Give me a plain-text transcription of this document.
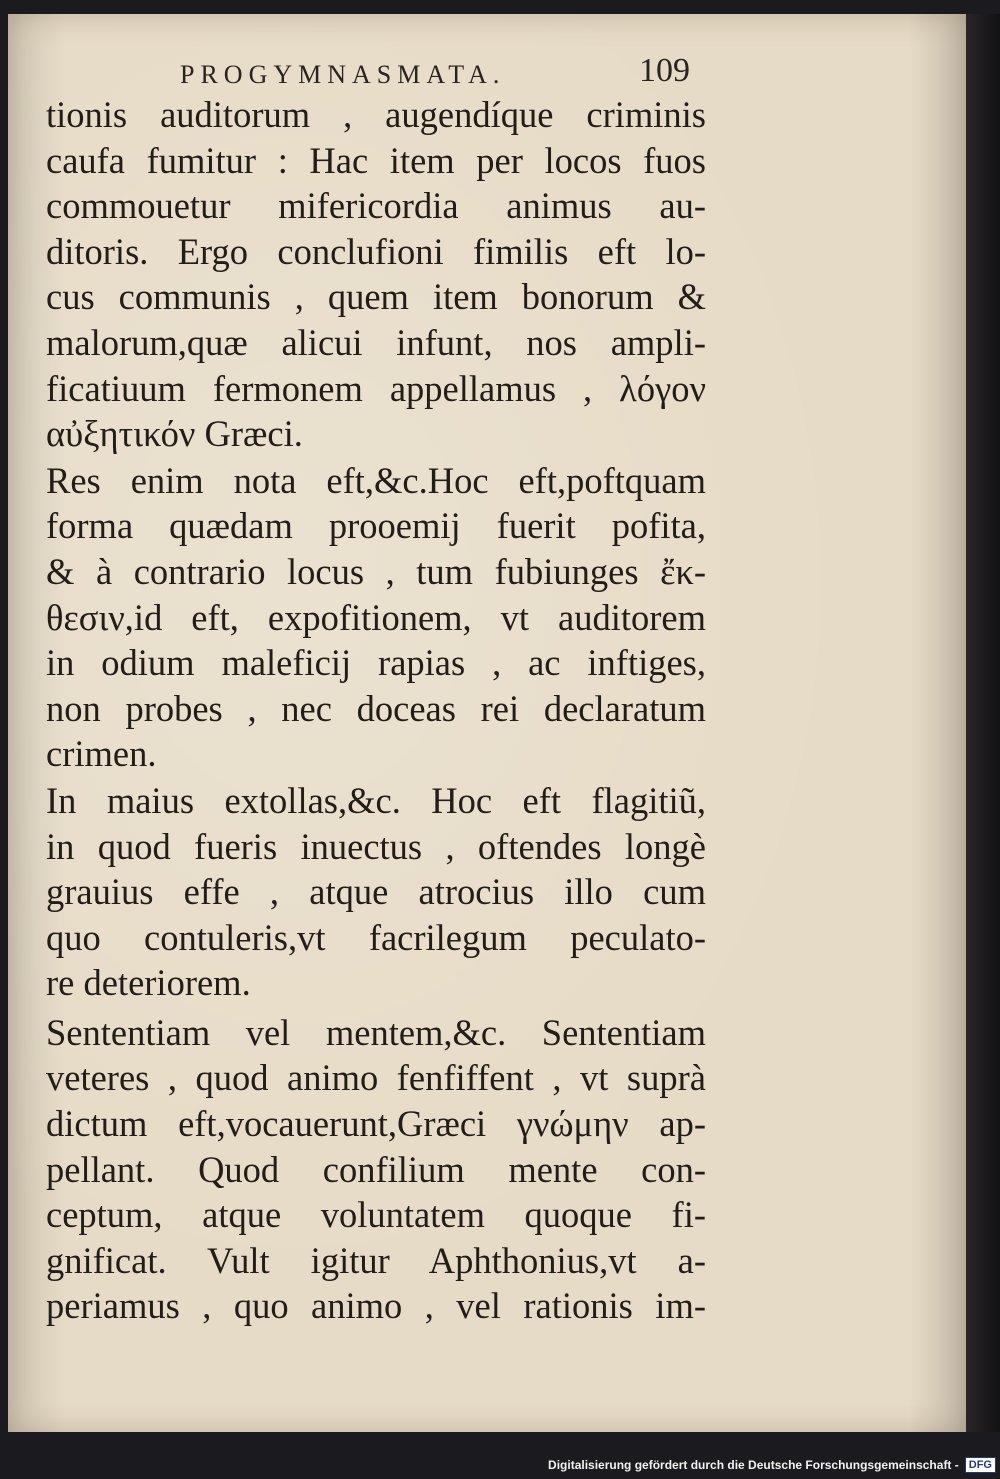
PROGYMNASMATA.	109
tionis auditorum , augendíque criminis
caufa fumitur : Hac item per locos fuos
commouetur mifericordia animus au-
ditoris. Ergo conclufioni fimilis eft lo-
cus communis , quem item bonorum &
malorum,quæ alicui infunt, nos ampli-
ficatiuum fermonem appellamus , λόγον
αὐξητικόν Græci.
Res enim nota eft,&c.Hoc eft,poftquam
forma quædam prooemij fuerit pofita,
& à contrario locus , tum fubiunges ἔκ-
θεσιν,id eft, expofitionem, vt auditorem
in odium maleficij rapias , ac inftiges,
non probes , nec doceas rei declaratum
crimen.
In maius extollas,&c. Hoc eft flagitiũ,
in quod fueris inuectus , oftendes longè
grauius effe , atque atrocius illo cum
quo contuleris,vt facrilegum peculato-
re deteriorem.
Sententiam vel mentem,&c. Sententiam
veteres , quod animo fenfiffent , vt suprà
dictum eft,vocauerunt,Græci γνώμην ap-
pellant. Quod confilium mente con-
ceptum, atque voluntatem quoque fi-
gnificat. Vult igitur Aphthonius,vt a-
periamus , quo animo , vel rationis im-
Digitalisierung gefördert durch die Deutsche Forschungsgemeinschaft - DFG
